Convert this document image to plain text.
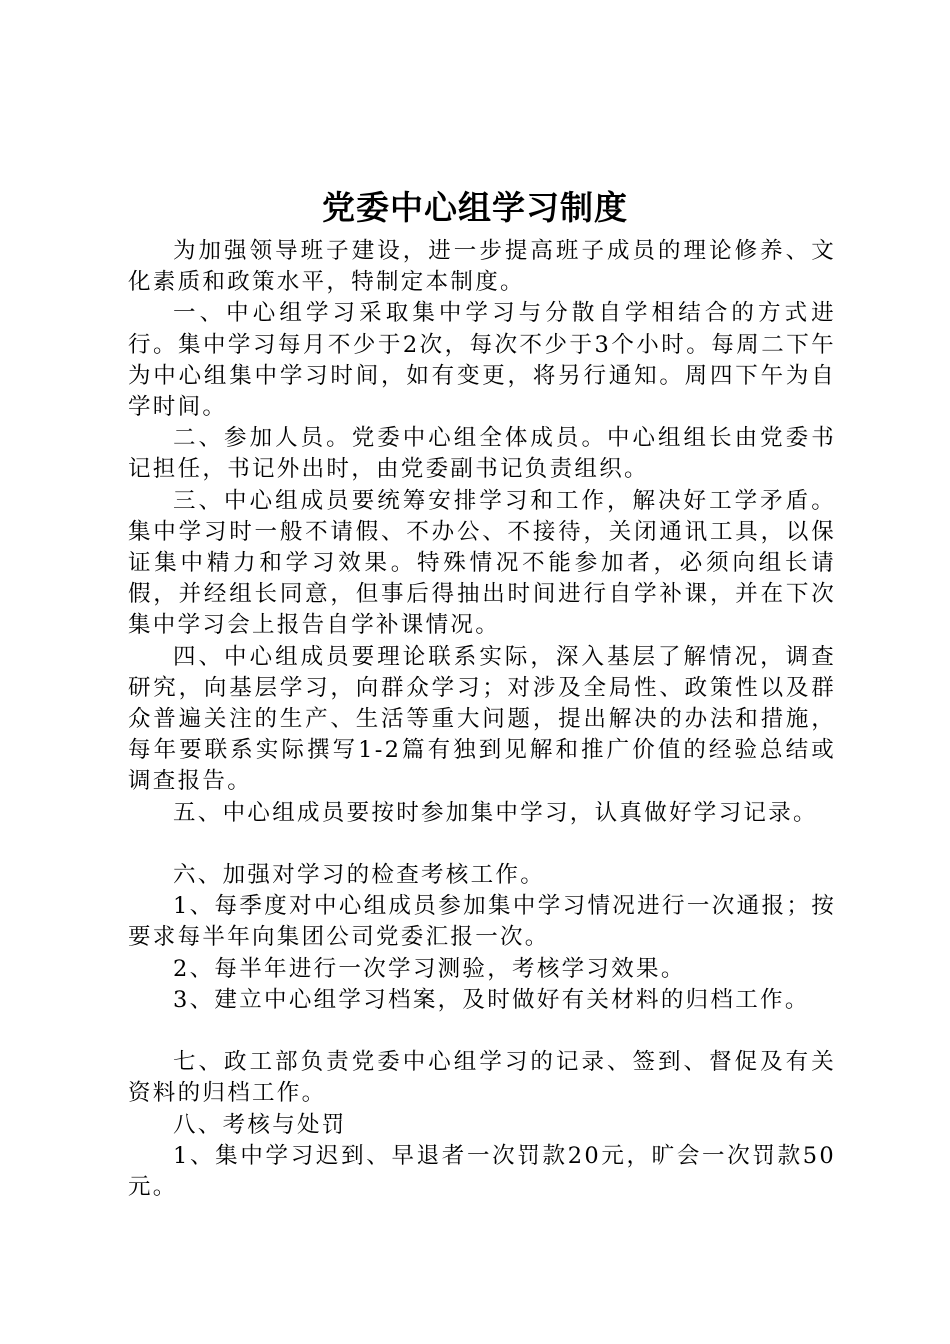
党委中心组学习制度

为加强领导班子建设，进一步提高班子成员的理论修养、文化素质和政策水平，特制定本制度。

一、中心组学习采取集中学习与分散自学相结合的方式进行。集中学习每月不少于2次，每次不少于3个小时。每周二下午为中心组集中学习时间，如有变更，将另行通知。周四下午为自学时间。

二、参加人员。党委中心组全体成员。中心组组长由党委书记担任，书记外出时，由党委副书记负责组织。

三、中心组成员要统筹安排学习和工作，解决好工学矛盾。集中学习时一般不请假、不办公、不接待，关闭通讯工具，以保证集中精力和学习效果。特殊情况不能参加者，必须向组长请假，并经组长同意，但事后得抽出时间进行自学补课，并在下次集中学习会上报告自学补课情况。

四、中心组成员要理论联系实际，深入基层了解情况，调查研究，向基层学习，向群众学习；对涉及全局性、政策性以及群众普遍关注的生产、生活等重大问题，提出解决的办法和措施，每年要联系实际撰写1-2篇有独到见解和推广价值的经验总结或调查报告。

五、中心组成员要按时参加集中学习，认真做好学习记录。

六、加强对学习的检查考核工作。

1、每季度对中心组成员参加集中学习情况进行一次通报；按要求每半年向集团公司党委汇报一次。

2、每半年进行一次学习测验，考核学习效果。

3、建立中心组学习档案，及时做好有关材料的归档工作。

七、政工部负责党委中心组学习的记录、签到、督促及有关资料的归档工作。

八、考核与处罚

1、集中学习迟到、早退者一次罚款20元，旷会一次罚款50元。
